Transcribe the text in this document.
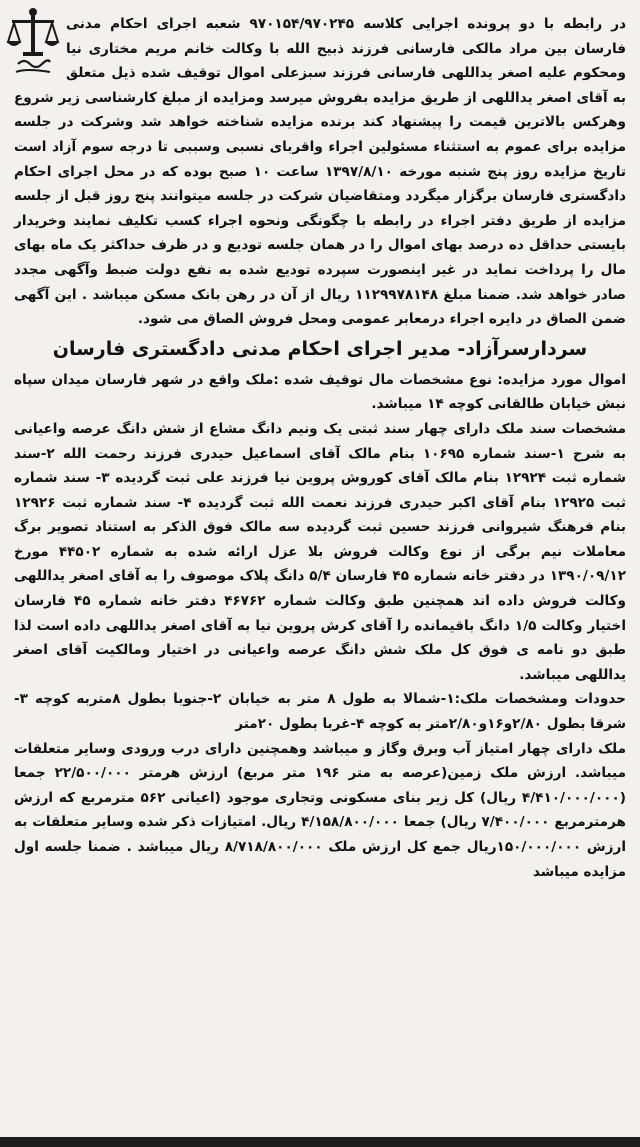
در رابطه با دو پرونده اجرایی کلاسه ۹۷۰۱۵۴/۹۷۰۲۴۵ شعبه اجرای احکام مدنی فارسان بین مراد مالکی فارسانی فرزند ذبیح الله با وکالت خانم مریم مختاری نیا ومحکوم علیه اصغر یداللهی فارسانی فرزند سبزعلی اموال توقیف شده ذیل متعلق به آقای اصغر یداللهی از طریق مزایده بفروش میرسد ومزایده از مبلغ کارشناسی زیر شروع وهرکس بالاترین قیمت را پیشنهاد کند برنده مزایده شناخته خواهد شد وشرکت در جلسه مزایده برای عموم به استثناء مسئولین اجراء واقربای نسبی وسببی تا درجه سوم آزاد است تاریخ مزایده روز پنج شنبه مورخه ۱۳۹۷/۸/۱۰ ساعت ۱۰ صبح بوده که در محل اجرای احکام دادگستری فارسان برگزار میگردد ومتقاضیان شرکت در جلسه میتوانند پنج روز قبل از جلسه مزایده از طریق دفتر اجراء در رابطه با چگونگی ونحوه اجراء کسب تکلیف نمایند وخریدار بایستی حداقل ده درصد بهای اموال را در همان جلسه تودیع و در ظرف حداکثر یک ماه بهای مال را پرداخت نماید در غیر اینصورت سپرده تودیع شده به نفع دولت ضبط وآگهی مجدد صادر خواهد شد. ضمنا مبلغ ۱۱۲۹۹۷۸۱۴۸ ریال از آن در رهن بانک مسکن میباشد . این آگهی ضمن الصاق در دایره اجراء درمعابر عمومی ومحل فروش الصاق می شود.

سردارسرآزاد- مدیر اجرای احکام مدنی دادگستری فارسان

اموال مورد مزایده: نوع مشخصات مال توقیف شده :ملک واقع در شهر فارسان میدان سپاه نبش خیابان طالقانی کوچه ۱۴ میباشد.

مشخصات سند ملک دارای چهار سند ثبتی یک ونیم دانگ مشاع از شش دانگ عرصه واعیانی به شرح ۱-سند شماره ۱۰۶۹۵ بنام مالک آقای اسماعیل حیدری فرزند رحمت الله ۲-سند شماره ثبت ۱۲۹۲۴ بنام مالک آقای کوروش پروین نیا فرزند علی ثبت گردیده ۳- سند شماره ثبت ۱۲۹۲۵ بنام آقای اکبر حیدری فرزند نعمت الله ثبت گردیده ۴- سند شماره ثبت ۱۲۹۲۶ بنام فرهنگ شیروانی فرزند حسین ثبت گردیده سه مالک فوق الذکر به استناد تصویر برگ معاملات نیم برگی از نوع وکالت فروش بلا عزل ارائه شده به شماره ۴۴۵۰۲ مورخ ۱۳۹۰/۰۹/۱۲ در دفتر خانه شماره ۴۵ فارسان ۵/۴ دانگ پلاک موصوف را به آقای اصغر یداللهی وکالت فروش داده اند همچنین طبق وکالت شماره ۴۶۷۶۲ دفتر خانه شماره ۴۵ فارسان اختیار وکالت ۱/۵ دانگ باقیمانده را آقای کرش پروین نیا به آقای اصغر یداللهی داده است لذا طبق دو نامه ی فوق کل ملک شش دانگ عرصه واعیانی در اختیار ومالکیت آقای اصغر یداللهی میباشد.

حدودات ومشخصات ملک:۱-شمالا به طول ۸ متر به خیابان ۲-جنوبا بطول ۸متربه کوچه ۳- شرقا بطول ۲/۸۰و۱۶و۲/۸۰متر به کوچه ۴-غربا بطول ۲۰متر

ملک دارای چهار امتیاز آب وبرق وگاز و میباشد وهمچنین دارای درب ورودی وسایر متعلقات میباشد. ارزش ملک زمین(عرصه به متر ۱۹۶ متر مربع) ارزش هرمتر ۲۲/۵۰۰/۰۰۰ جمعا (۴/۴۱۰/۰۰۰/۰۰۰ ریال) کل زیر بنای مسکونی وتجاری موجود (اعیانی ۵۶۲ مترمربع که ارزش هرمترمربع ۷/۴۰۰/۰۰۰ ریال) جمعا ۴/۱۵۸/۸۰۰/۰۰۰ ریال. امتیازات ذکر شده وسایر متعلقات به ارزش ۱۵۰/۰۰۰/۰۰۰ریال جمع کل ارزش ملک ۸/۷۱۸/۸۰۰/۰۰۰ ریال میباشد . ضمنا جلسه اول مزایده میباشد
